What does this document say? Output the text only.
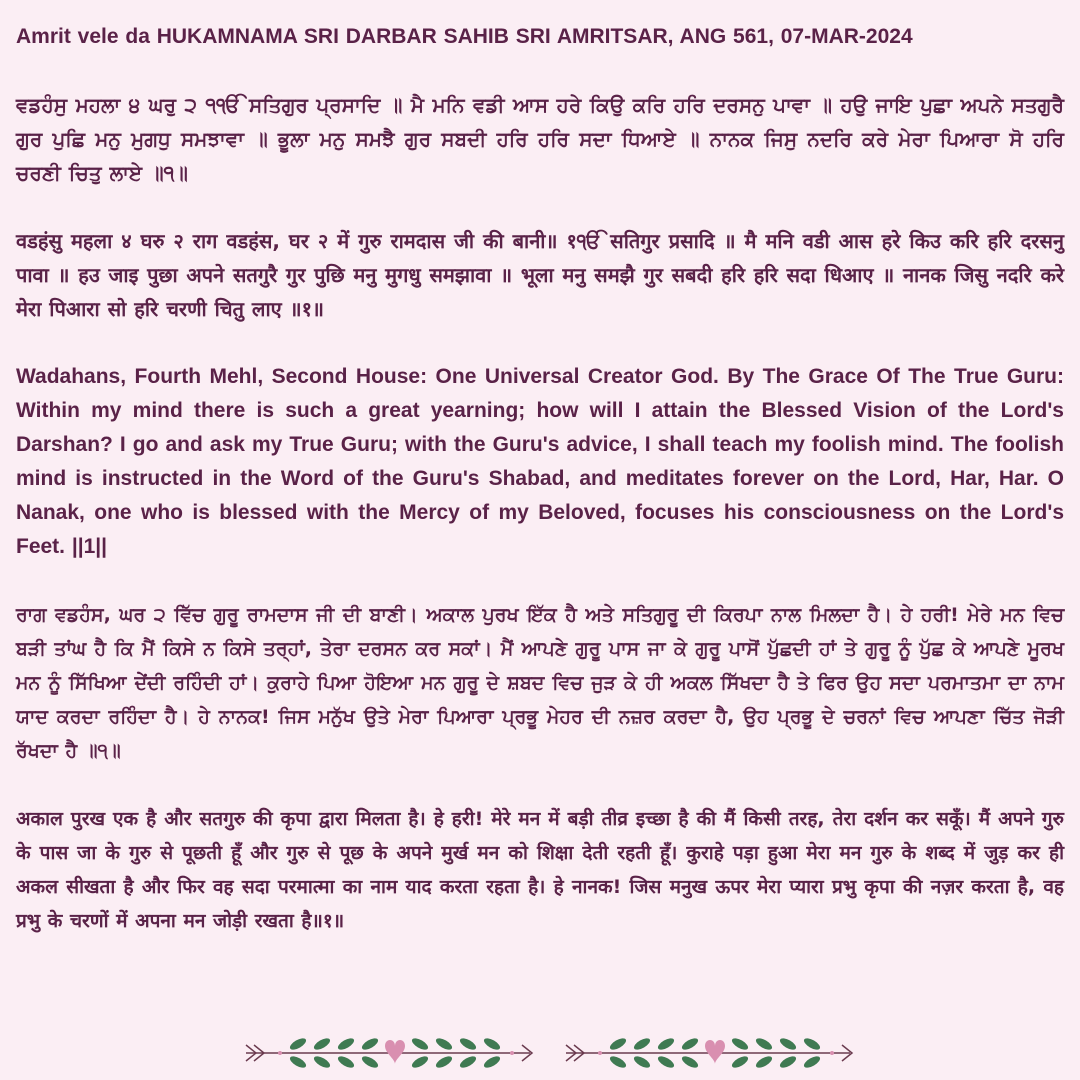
Amrit vele da HUKAMNAMA SRI DARBAR SAHIB SRI AMRITSAR, ANG 561, 07-MAR-2024

ਵਡਹੰਸੁ ਮਹਲਾ ੪ ਘਰੁ ੨ ੧ੴ ਸਤਿਗੁਰ ਪ੍ਰਸਾਦਿ ॥ ਮੈ ਮਨਿ ਵਡੀ ਆਸ ਹਰੇ ਕਿਉ ਕਰਿ ਹਰਿ ਦਰਸਨੁ ਪਾਵਾ ॥ ਹਉ ਜਾਇ ਪੁਛਾ ਅਪਨੇ ਸਤਗੁਰੈ ਗੁਰ ਪੁਛਿ ਮਨੁ ਮੁਗਧੁ ਸਮਝਾਵਾ ॥ ਭੂਲਾ ਮਨੁ ਸਮਝੈ ਗੁਰ ਸਬਦੀ ਹਰਿ ਹਰਿ ਸਦਾ ਧਿਆਏ ॥ ਨਾਨਕ ਜਿਸੁ ਨਦਰਿ ਕਰੇ ਮੇਰਾ ਪਿਆਰਾ ਸੋ ਹਰਿ ਚਰਣੀ ਚਿਤੁ ਲਾਏ ॥੧॥

वडहंसु महला ४ घरु २ राग वडहंस, घर २ में गुरु रामदास जी की बानी॥ १ੴ सतिगुर प्रसादि ॥ मै मनि वडी आस हरे किउ करि हरि दरसनु पावा ॥ हउ जाइ पुछा अपने सतगुरै गुर पुछि मनु मुगधु समझावा ॥ भूला मनु समझै गुर सबदी हरि हरि सदा धिआए ॥ नानक जिसु नदरि करे मेरा पिआरा सो हरि चरणी चितु लाए ॥१॥

Wadahans, Fourth Mehl, Second House: One Universal Creator God. By The Grace Of The True Guru: Within my mind there is such a great yearning; how will I attain the Blessed Vision of the Lord's Darshan? I go and ask my True Guru; with the Guru's advice, I shall teach my foolish mind. The foolish mind is instructed in the Word of the Guru's Shabad, and meditates forever on the Lord, Har, Har. O Nanak, one who is blessed with the Mercy of my Beloved, focuses his consciousness on the Lord's Feet. ||1||

ਰਾਗ ਵਡਹੰਸ, ਘਰ ੨ ਵਿੱਚ ਗੁਰੂ ਰਾਮਦਾਸ ਜੀ ਦੀ ਬਾਣੀ। ਅਕਾਲ ਪੁਰਖ ਇੱਕ ਹੈ ਅਤੇ ਸਤਿਗੁਰੂ ਦੀ ਕਿਰਪਾ ਨਾਲ ਮਿਲਦਾ ਹੈ। ਹੇ ਹਰੀ! ਮੇਰੇ ਮਨ ਵਿਚ ਬੜੀ ਤਾਂਘ ਹੈ ਕਿ ਮੈਂ ਕਿਸੇ ਨ ਕਿਸੇ ਤਰ੍ਹਾਂ, ਤੇਰਾ ਦਰਸਨ ਕਰ ਸਕਾਂ। ਮੈਂ ਆਪਣੇ ਗੁਰੂ ਪਾਸ ਜਾ ਕੇ ਗੁਰੂ ਪਾਸੋਂ ਪੁੱਛਦੀ ਹਾਂ ਤੇ ਗੁਰੂ ਨੂੰ ਪੁੱਛ ਕੇ ਆਪਣੇ ਮੂਰਖ ਮਨ ਨੂੰ ਸਿੱਖਿਆ ਦੇਂਦੀ ਰਹਿੰਦੀ ਹਾਂ। ਕੁਰਾਹੇ ਪਿਆ ਹੋਇਆ ਮਨ ਗੁਰੂ ਦੇ ਸ਼ਬਦ ਵਿਚ ਜੁੜ ਕੇ ਹੀ ਅਕਲ ਸਿੱਖਦਾ ਹੈ ਤੇ ਫਿਰ ਉਹ ਸਦਾ ਪਰਮਾਤਮਾ ਦਾ ਨਾਮ ਯਾਦ ਕਰਦਾ ਰਹਿੰਦਾ ਹੈ। ਹੇ ਨਾਨਕ! ਜਿਸ ਮਨੁੱਖ ਉਤੇ ਮੇਰਾ ਪਿਆਰਾ ਪ੍ਰਭੂ ਮੇਹਰ ਦੀ ਨਜ਼ਰ ਕਰਦਾ ਹੈ, ਉਹ ਪ੍ਰਭੂ ਦੇ ਚਰਨਾਂ ਵਿਚ ਆਪਣਾ ਚਿੱਤ ਜੋੜੀ ਰੱਖਦਾ ਹੈ ॥੧॥

अकाल पुरख एक है और सतगुरु की कृपा द्वारा मिलता है। हे हरी! मेरे मन में बड़ी तीव्र इच्छा है की मैं किसी तरह, तेरा दर्शन कर सकूँ। मैं अपने गुरु के पास जा के गुरु से पूछती हूँ और गुरु से पूछ के अपने मुर्ख मन को शिक्षा देती रहती हूँ। कुराहे पड़ा हुआ मेरा मन गुरु के शब्द में जुड़ कर ही अकल सीखता है और फिर वह सदा परमात्मा का नाम याद करता रहता है। हे नानक! जिस मनुख ऊपर मेरा प्यारा प्रभु कृपा की नज़र करता है, वह प्रभु के चरणों में अपना मन जोड़ी रखता है॥१॥
